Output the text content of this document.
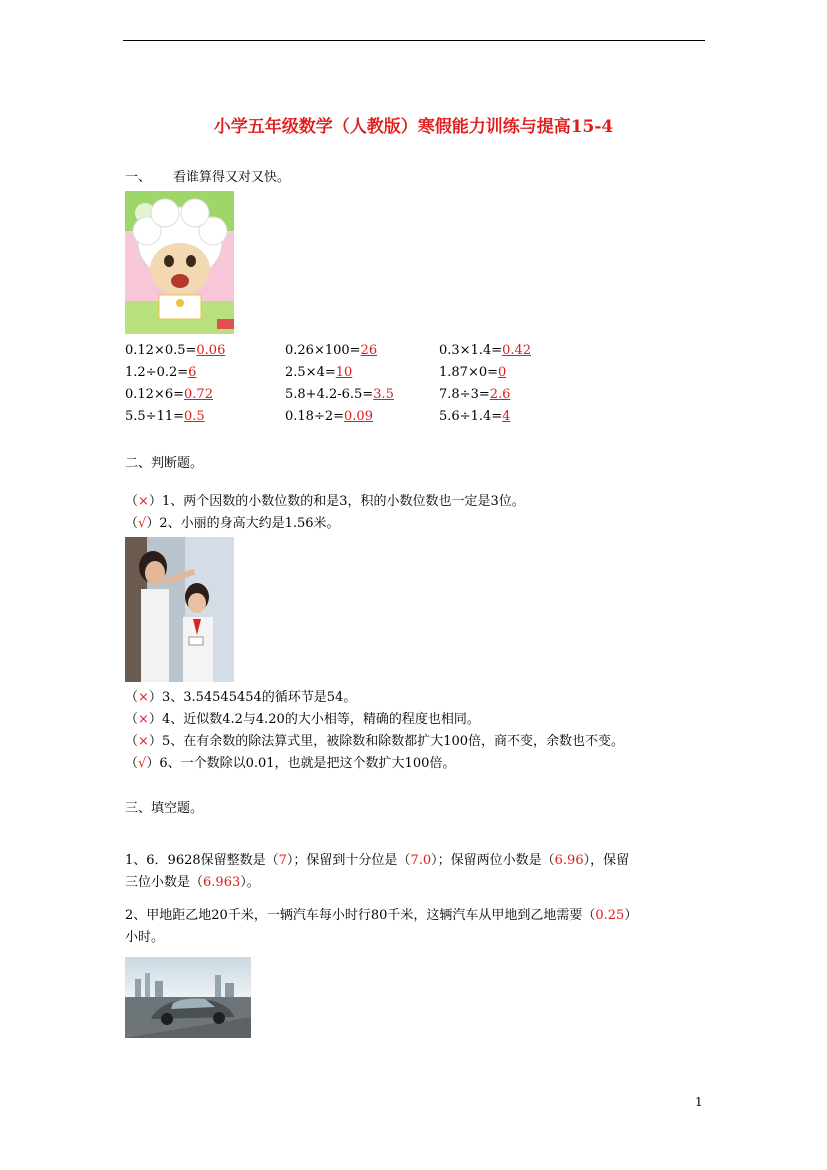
小学五年级数学（人教版）寒假能力训练与提高15-4
一、 看谁算得又对又快。
0.12×0.5=0.06	0.26×100=26	0.3×1.4=0.42
1.2÷0.2=6	2.5×4=10	1.87×0=0
0.12×6=0.72	5.8+4.2-6.5=3.5	7.8÷3=2.6
5.5÷11=0.5	0.18÷2=0.09	5.6÷1.4=4
二、判断题。
（×）1、两个因数的小数位数的和是3，积的小数位数也一定是3位。
（√）2、小丽的身高大约是1.56米。
（×）3、3.54545454的循环节是54。
（×）4、近似数4.2与4.20的大小相等，精确的程度也相同。
（×）5、在有余数的除法算式里，被除数和除数都扩大100倍，商不变，余数也不变。
（√）6、一个数除以0.01，也就是把这个数扩大100倍。
三、填空题。
1、6．9628保留整数是（7）；保留到十分位是（7.0）；保留两位小数是（6.96），保留
三位小数是（6.963）。
2、甲地距乙地20千米，一辆汽车每小时行80千米，这辆汽车从甲地到乙地需要（0.25）
小时。
1
